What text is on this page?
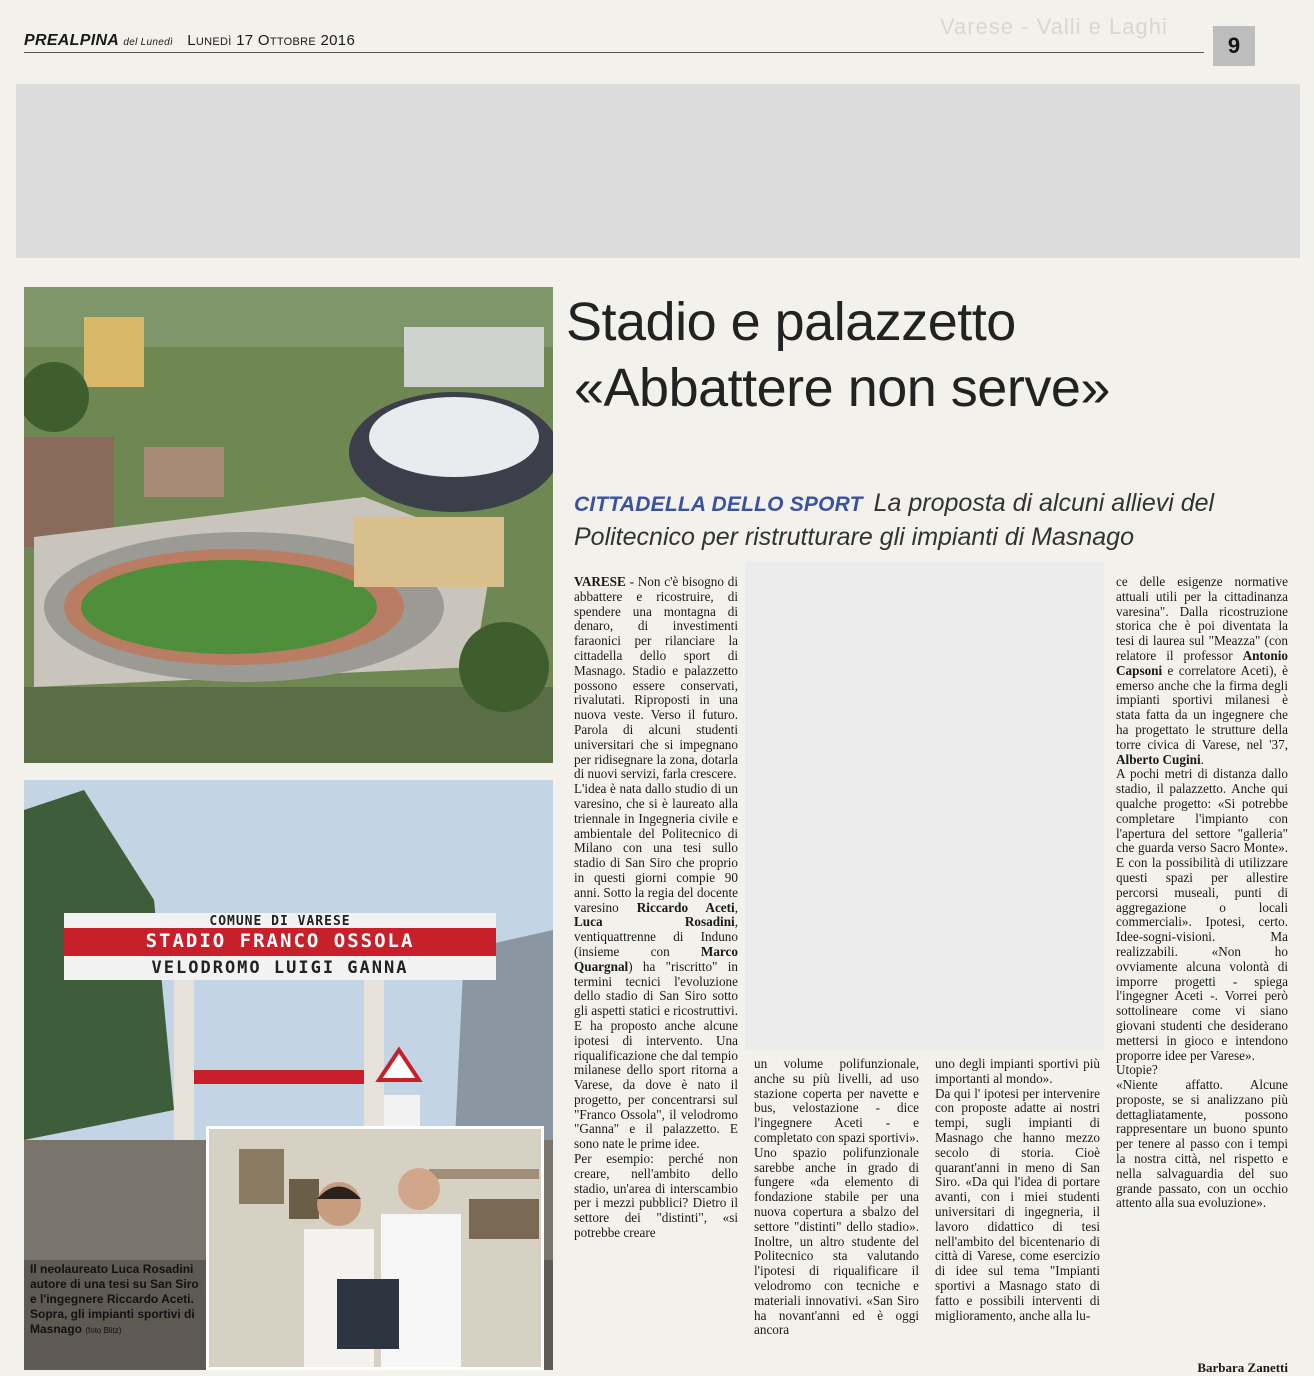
PREALPINA del Lunedì Lunedì 17 Ottobre 2016
Varese - Valli e Laghi
9
COMUNE DI VARESE
STADIO FRANCO OSSOLA
VELODROMO LUIGI GANNA
Il neolaureato Luca Rosadini autore di una tesi su San Siro e l'ingegnere Riccardo Aceti. Sopra, gli impianti sportivi di Masnago (foto Blitz)
Stadio e palazzetto
«Abbattere non serve»
CITTADELLA DELLO SPORT La proposta di alcuni allievi del Politecnico per ristrutturare gli impianti di Masnago

VARESE - Non c'è bisogno di abbattere e ricostruire, di spendere una montagna di denaro, di investimenti faraonici per rilanciare la cittadella dello sport di Masnago. Stadio e palazzetto possono essere conservati, rivalutati. Riproposti in una nuova veste. Verso il futuro. Parola di alcuni studenti universitari che si impegnano per ridisegnare la zona, dotarla di nuovi servizi, farla crescere.

L'idea è nata dallo studio di un varesino, che si è laureato alla triennale in Ingegneria civile e ambientale del Politecnico di Milano con una tesi sullo stadio di San Siro che proprio in questi giorni compie 90 anni. Sotto la regia del docente varesino Riccardo Aceti, Luca Rosadini, ventiquattrenne di Induno (insieme con Marco Quargnal) ha "riscritto" in termini tecnici l'evoluzione dello stadio di San Siro sotto gli aspetti statici e ricostruttivi. E ha proposto anche alcune ipotesi di intervento. Una riqualificazione che dal tempio milanese dello sport ritorna a Varese, da dove è nato il progetto, per concentrarsi sul "Franco Ossola", il velodromo "Ganna" e il palazzetto. E sono nate le prime idee.

Per esempio: perché non creare, nell'ambito dello stadio, un'area di interscambio per i mezzi pubblici? Dietro il settore dei "distinti", «si potrebbe creare

un volume polifunzionale, anche su più livelli, ad uso stazione coperta per navette e bus, velostazione - dice l'ingegnere Aceti - e completato con spazi sportivi». Uno spazio polifunzionale sarebbe anche in grado di fungere «da elemento di fondazione stabile per una nuova copertura a sbalzo del settore "distinti" dello stadio». Inoltre, un altro studente del Politecnico sta valutando l'ipotesi di riqualificare il velodromo con tecniche e materiali innovativi. «San Siro ha novant'anni ed è oggi ancora

uno degli impianti sportivi più importanti al mondo».

Da qui l' ipotesi per intervenire con proposte adatte ai nostri tempi, sugli impianti di Masnago che hanno mezzo secolo di storia. Cioè quarant'anni in meno di San Siro. «Da qui l'idea di portare avanti, con i miei studenti universitari di ingegneria, il lavoro didattico di tesi nell'ambito del bicentenario di città di Varese, come esercizio di idee sul tema "Impianti sportivi a Masnago stato di fatto e possibili interventi di miglioramento, anche alla lu-

ce delle esigenze normative attuali utili per la cittadinanza varesina". Dalla ricostruzione storica che è poi diventata la tesi di laurea sul "Meazza" (con relatore il professor Antonio Capsoni e correlatore Aceti), è emerso anche che la firma degli impianti sportivi milanesi è stata fatta da un ingegnere che ha progettato le strutture della torre civica di Varese, nel '37, Alberto Cugini.

A pochi metri di distanza dallo stadio, il palazzetto. Anche qui qualche progetto: «Si potrebbe completare l'impianto con l'apertura del settore "galleria" che guarda verso Sacro Monte». E con la possibilità di utilizzare questi spazi per allestire percorsi museali, punti di aggregazione o locali commerciali». Ipotesi, certo. Idee-sogni-visioni. Ma realizzabili. «Non ho ovviamente alcuna volontà di imporre progetti - spiega l'ingegner Aceti -. Vorrei però sottolineare come vi siano giovani studenti che desiderano mettersi in gioco e intendono proporre idee per Varese».

Utopie?

«Niente affatto. Alcune proposte, se si analizzano più dettagliatamente, possono rappresentare un buono spunto per tenere al passo con i tempi la nostra città, nel rispetto e nella salvaguardia del suo grande passato, con un occhio attento alla sua evoluzione».

Barbara Zanetti
